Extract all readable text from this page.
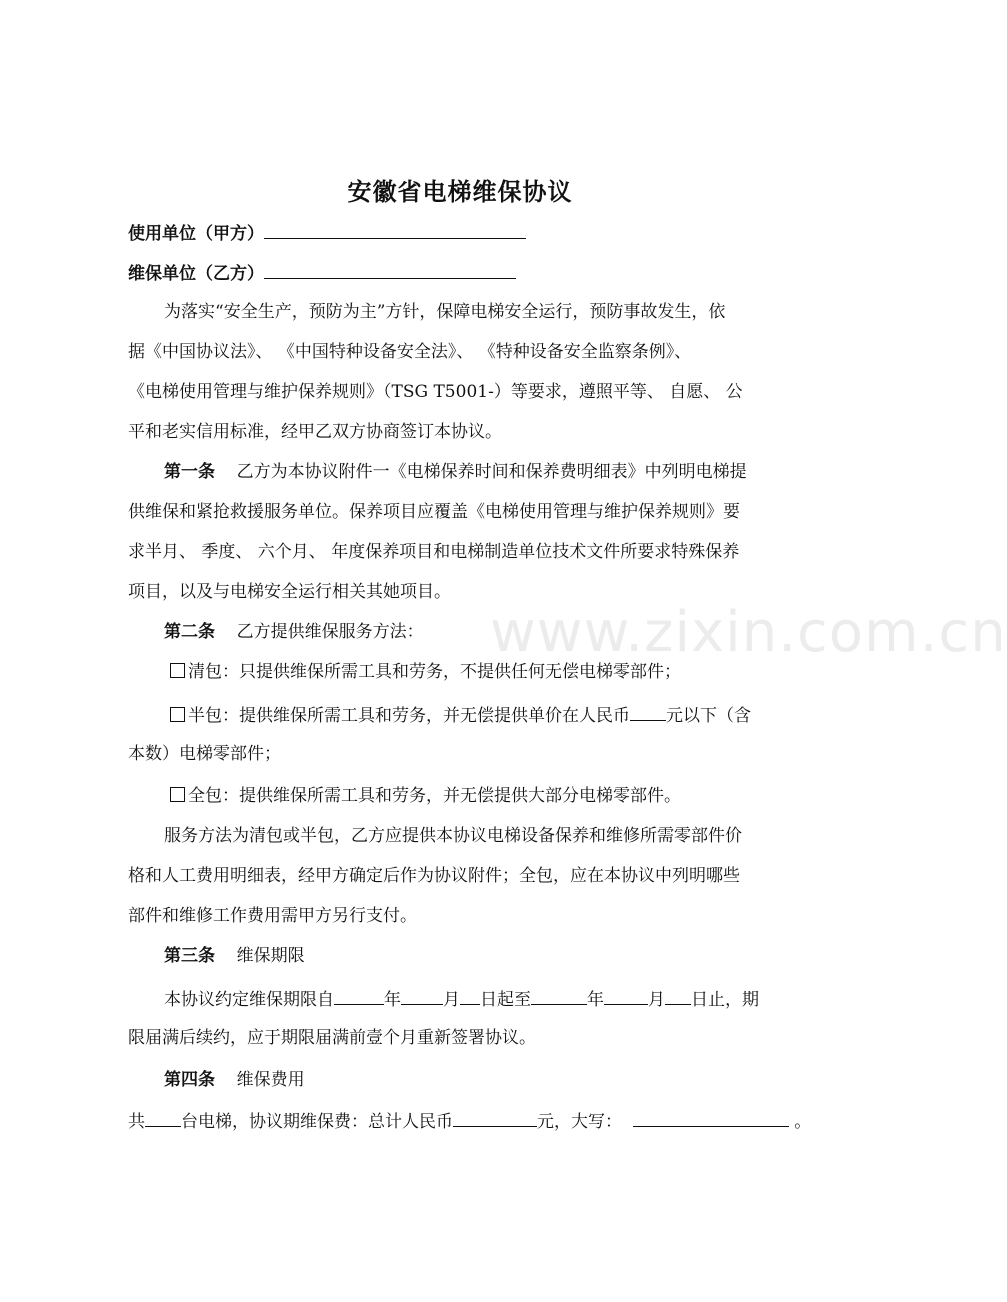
www.zixin.com.cn
安徽省电梯维保协议
使用单位（甲方）
维保单位（乙方）
为落实“安全生产，预防为主”方针，保障电梯安全运行，预防事故发生，依
据《中国协议法》、 《中国特种设备安全法》、 《特种设备安全监察条例》、
《电梯使用管理与维护保养规则》（TSG T5001-）等要求，遵照平等、 自愿、 公
平和老实信用标准，经甲乙双方协商签订本协议。
第一条 乙方为本协议附件一《电梯保养时间和保养费明细表》中列明电梯提
供维保和紧抢救援服务单位。保养项目应覆盖《电梯使用管理与维护保养规则》要
求半月、 季度、 六个月、 年度保养项目和电梯制造单位技术文件所要求特殊保养
项目，以及与电梯安全运行相关其她项目。
第二条 乙方提供维保服务方法：
清包：只提供维保所需工具和劳务，不提供任何无偿电梯零部件；
半包：提供维保所需工具和劳务，并无偿提供单价在人民币 元以下（含
本数）电梯零部件；
全包：提供维保所需工具和劳务，并无偿提供大部分电梯零部件。
服务方法为清包或半包，乙方应提供本协议电梯设备保养和维修所需零部件价
格和人工费用明细表，经甲方确定后作为协议附件；全包，应在本协议中列明哪些
部件和维修工作费用需甲方另行支付。
第三条 维保期限
本协议约定维保期限自	年 月 日起至	年	月 日止，期
限届满后续约，应于期限届满前壹个月重新签署协议。
第四条 维保费用
共 台电梯，协议期维保费：总计人民币	元，大写：	。
